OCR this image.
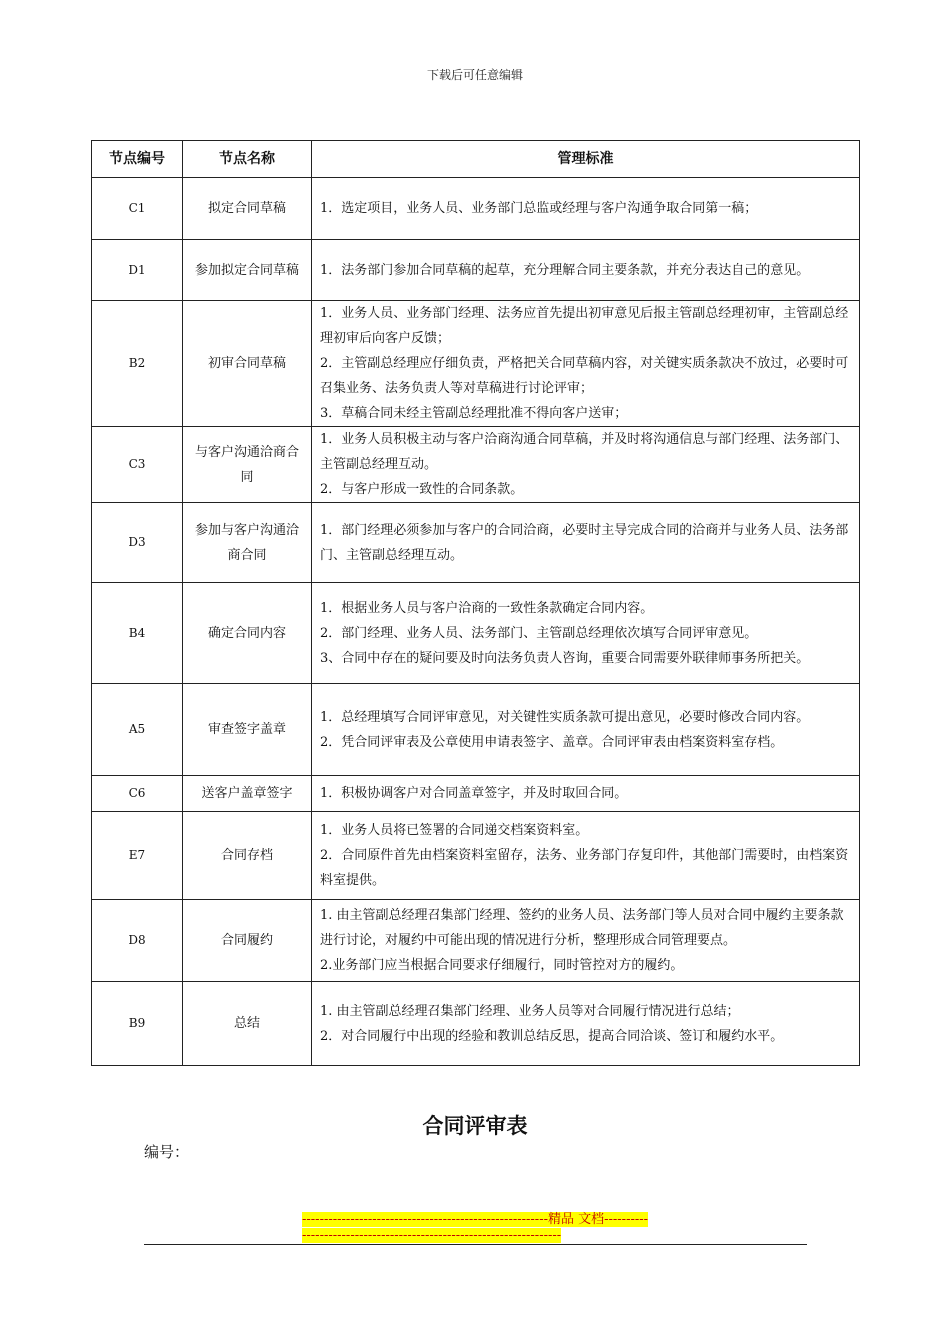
下载后可任意编辑
节点编号	节点名称	管理标准
C1	拟定合同草稿	1．选定项目，业务人员、业务部门总监或经理与客户沟通争取合同第一稿；

D1	参加拟定合同草稿	1．法务部门参加合同草稿的起草，充分理解合同主要条款，并充分表达自己的意见。

B2	初审合同草稿	1．业务人员、业务部门经理、法务应首先提出初审意见后报主管副总经理初审，主管副总经理初审后向客户反馈；
2．主管副总经理应仔细负责，严格把关合同草稿内容，对关键实质条款决不放过，必要时可召集业务、法务负责人等对草稿进行讨论评审；
3．草稿合同未经主管副总经理批准不得向客户送审；

C3	与客户沟通洽商合同	1．业务人员积极主动与客户洽商沟通合同草稿，并及时将沟通信息与部门经理、法务部门、主管副总经理互动。
2．与客户形成一致性的合同条款。

D3	参加与客户沟通洽商合同	1．部门经理必须参加与客户的合同洽商，必要时主导完成合同的洽商并与业务人员、法务部门、主管副总经理互动。

B4	确定合同内容	1．根据业务人员与客户洽商的一致性条款确定合同内容。
2．部门经理、业务人员、法务部门、主管副总经理依次填写合同评审意见。
3、合同中存在的疑问要及时向法务负责人咨询，重要合同需要外联律师事务所把关。

A5	审查签字盖章	1．总经理填写合同评审意见，对关键性实质条款可提出意见，必要时修改合同内容。
2．凭合同评审表及公章使用申请表签字、盖章。合同评审表由档案资料室存档。

C6	送客户盖章签字	1．积极协调客户对合同盖章签字，并及时取回合同。

E7	合同存档	1．业务人员将已签署的合同递交档案资料室。
2．合同原件首先由档案资料室留存，法务、业务部门存复印件，其他部门需要时，由档案资料室提供。

D8	合同履约	1. 由主管副总经理召集部门经理、签约的业务人员、法务部门等人员对合同中履约主要条款进行讨论，对履约中可能出现的情况进行分析，整理形成合同管理要点。
2.业务部门应当根据合同要求仔细履行，同时管控对方的履约。

B9	总结	1. 由主管副总经理召集部门经理、业务人员等对合同履行情况进行总结；
2．对合同履行中出现的经验和教训总结反思，提高合同洽谈、签订和履约水平。
合同评审表
编号：
--------------------------------------------------------精品 文档---------------------------------------------------------------------
